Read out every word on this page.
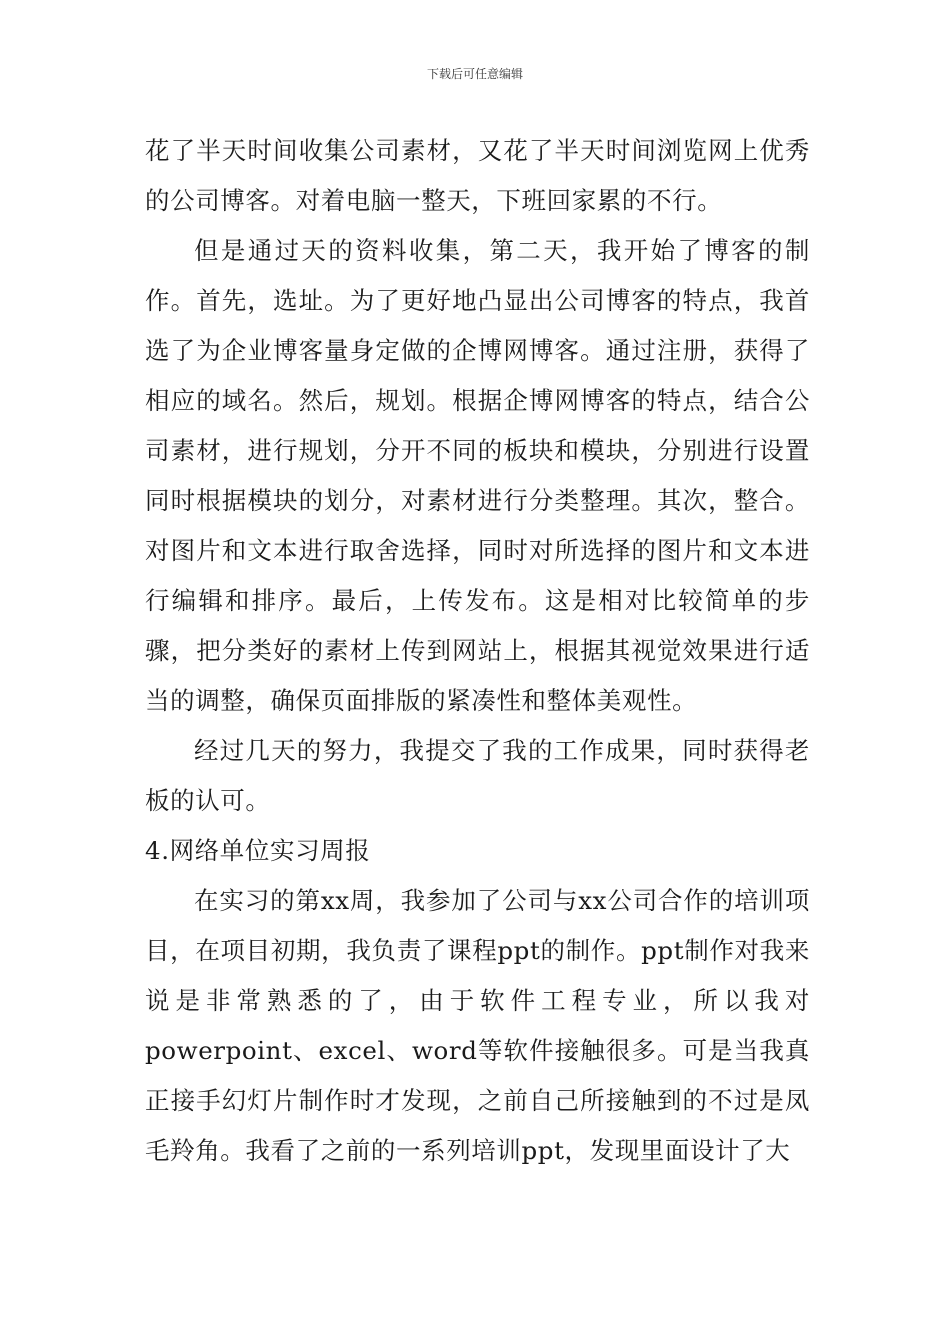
下载后可任意编辑

花了半天时间收集公司素材，又花了半天时间浏览网上优秀的公司博客。对着电脑一整天，下班回家累的不行。

但是通过天的资料收集，第二天，我开始了博客的制作。首先，选址。为了更好地凸显出公司博客的特点，我首选了为企业博客量身定做的企博网博客。通过注册，获得了相应的域名。然后，规划。根据企博网博客的特点，结合公司素材，进行规划，分开不同的板块和模块，分别进行设置同时根据模块的划分，对素材进行分类整理。其次，整合。对图片和文本进行取舍选择，同时对所选择的图片和文本进行编辑和排序。最后，上传发布。这是相对比较简单的步骤，把分类好的素材上传到网站上，根据其视觉效果进行适当的调整，确保页面排版的紧凑性和整体美观性。

经过几天的努力，我提交了我的工作成果，同时获得老板的认可。

4.网络单位实习周报

在实习的第xx周，我参加了公司与xx公司合作的培训项目，在项目初期，我负责了课程ppt的制作。ppt制作对我来说是非常熟悉的了，由于软件工程专业，所以我对powerpoint、excel、word等软件接触很多。可是当我真正接手幻灯片制作时才发现，之前自己所接触到的不过是凤毛羚角。我看了之前的一系列培训ppt，发现里面设计了大
